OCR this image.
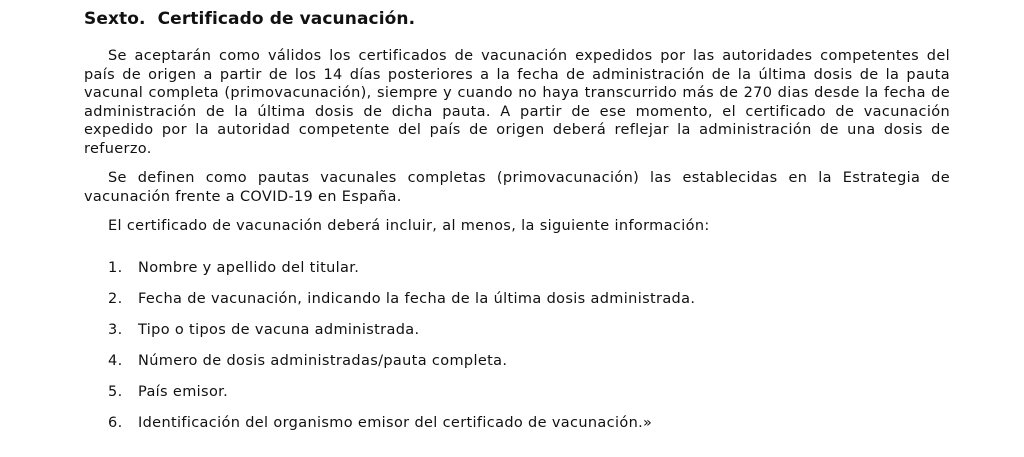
Sexto. Certificado de vacunación.

Se aceptarán como válidos los certificados de vacunación expedidos por las autoridades competentes del país de origen a partir de los 14 días posteriores a la fecha de administración de la última dosis de la pauta vacunal completa (primovacunación), siempre y cuando no haya transcurrido más de 270 dias desde la fecha de administración de la última dosis de dicha pauta. A partir de ese momento, el certificado de vacunación expedido por la autoridad competente del país de origen deberá reflejar la administración de una dosis de refuerzo.

Se definen como pautas vacunales completas (primovacunación) las establecidas en la Estrategia de vacunación frente a COVID-19 en España.

El certificado de vacunación deberá incluir, al menos, la siguiente información:

1. Nombre y apellido del titular.
2. Fecha de vacunación, indicando la fecha de la última dosis administrada.
3. Tipo o tipos de vacuna administrada.
4. Número de dosis administradas/pauta completa.
5. País emisor.
6. Identificación del organismo emisor del certificado de vacunación.»
